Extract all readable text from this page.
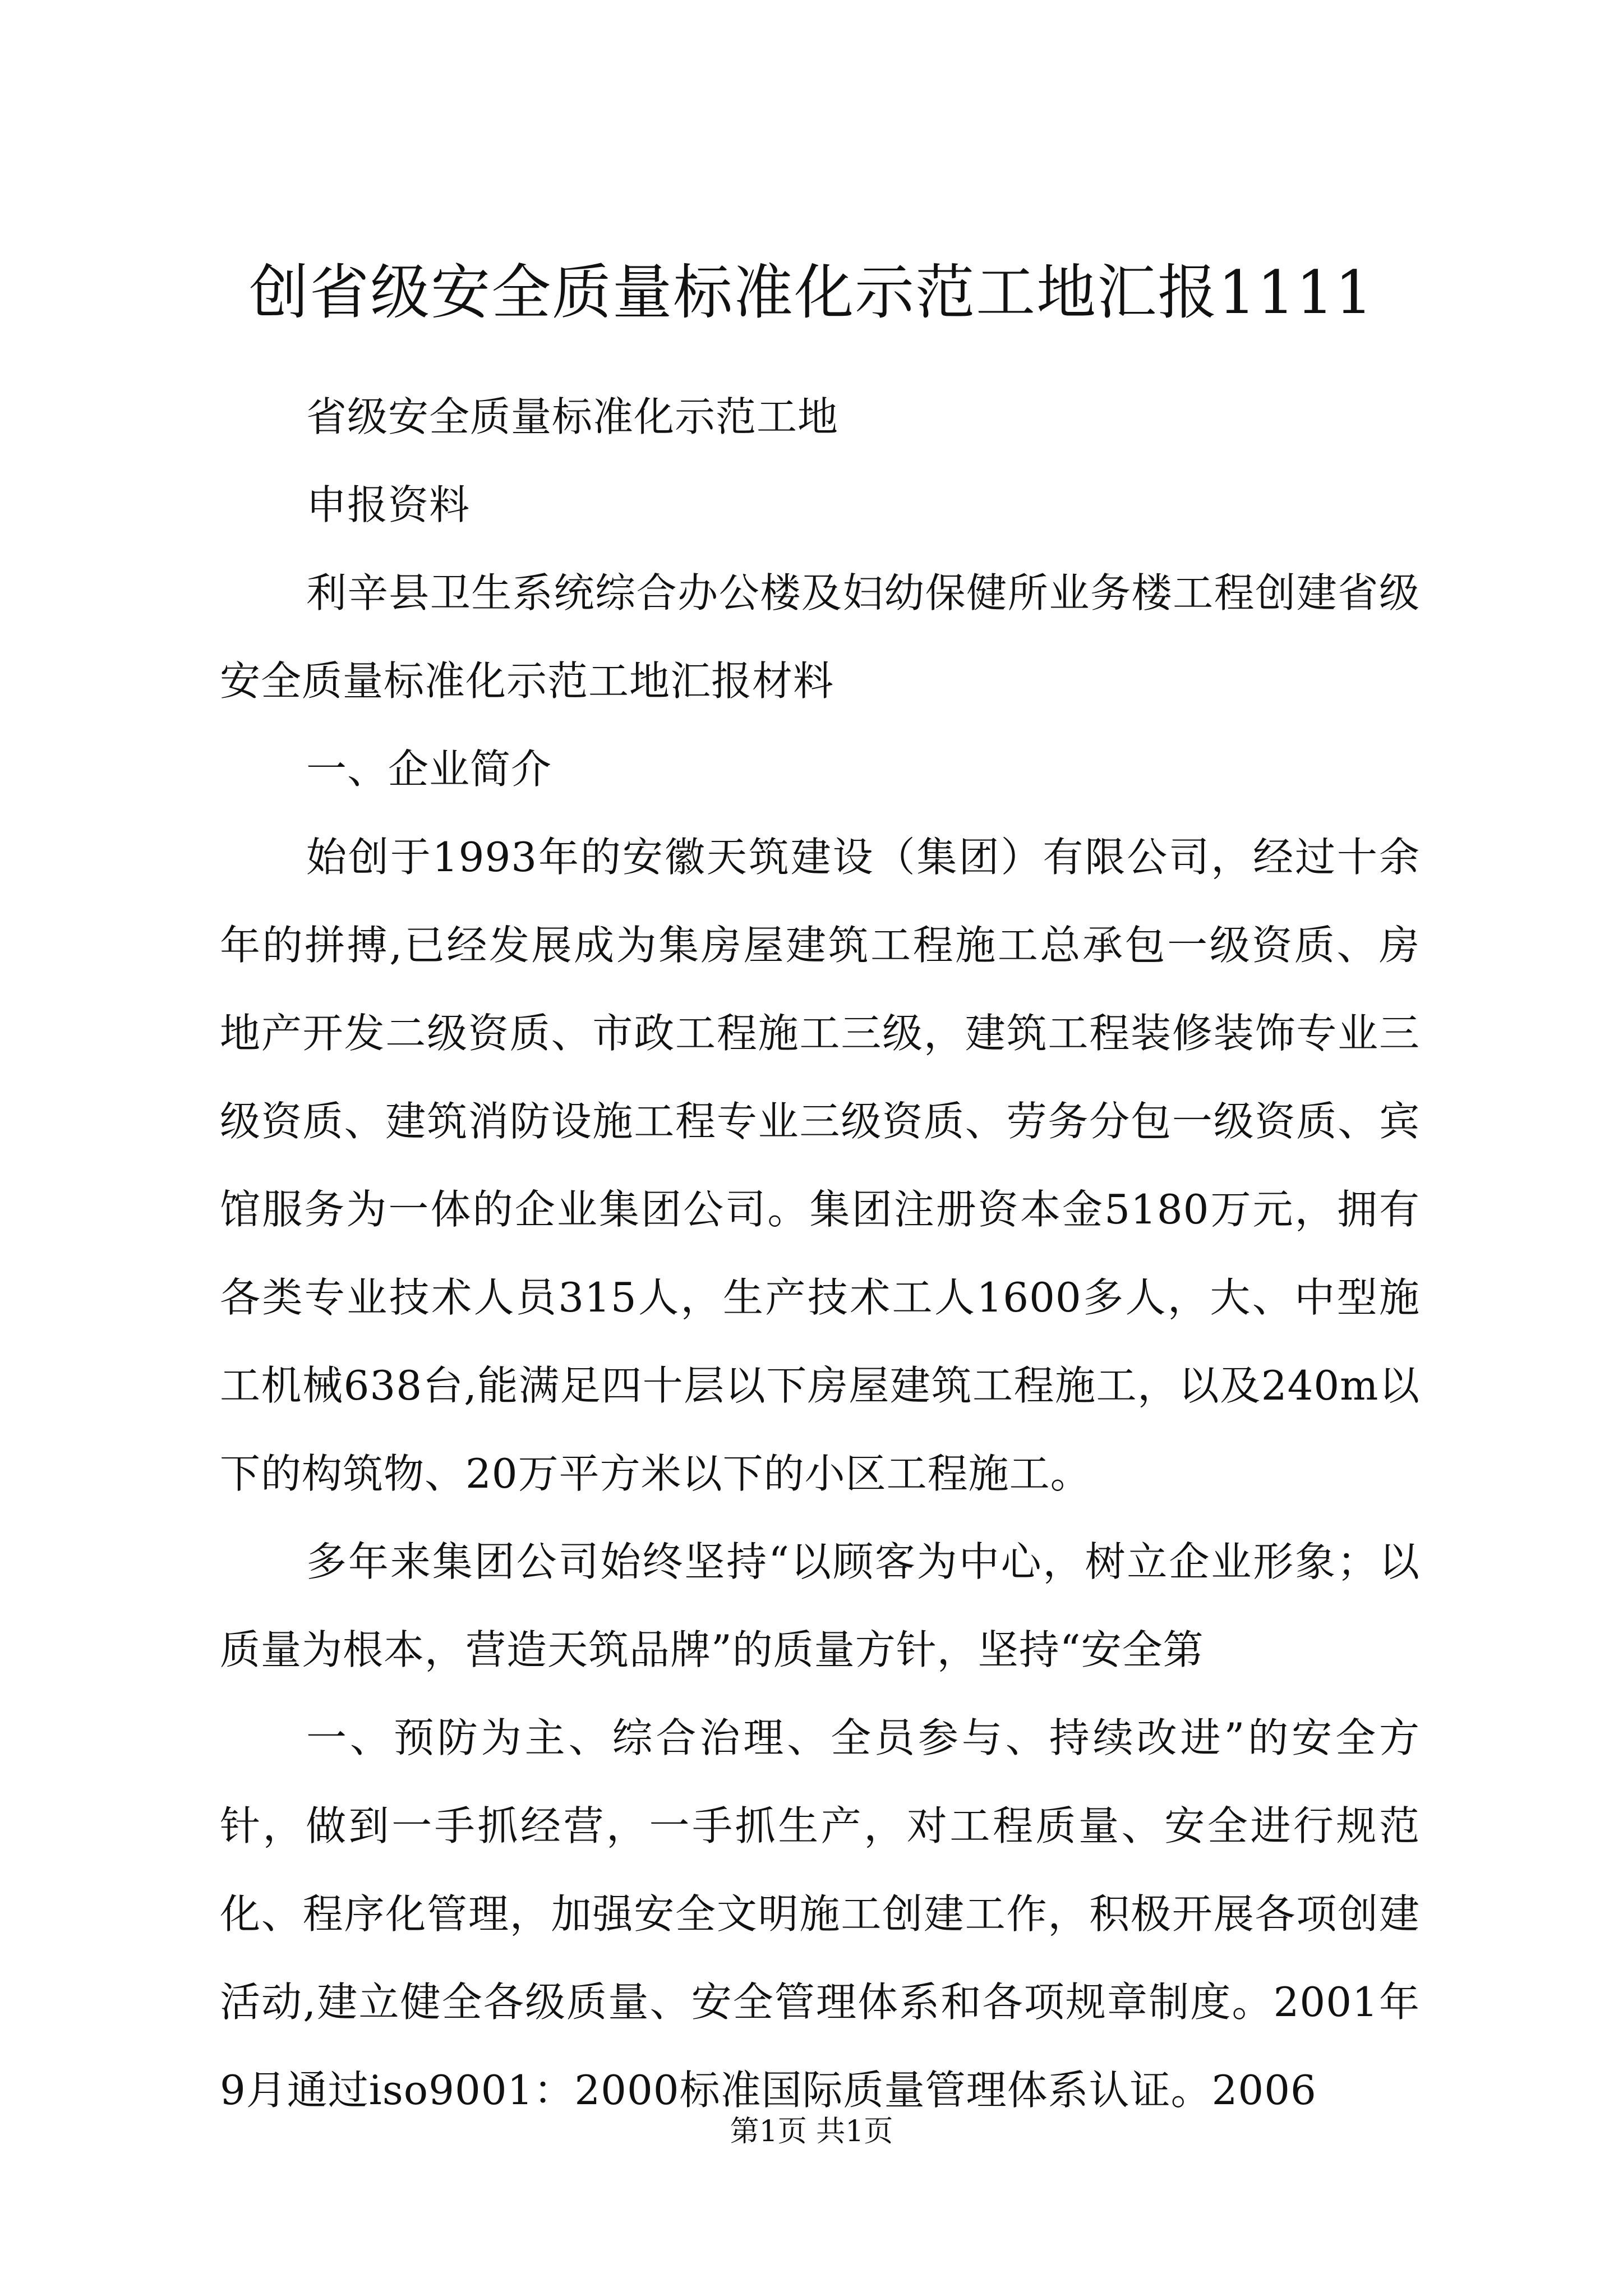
创省级安全质量标准化示范工地汇报1111

省级安全质量标准化示范工地

申报资料

利辛县卫生系统综合办公楼及妇幼保健所业务楼工程创建省级安全质量标准化示范工地汇报材料

一、企业简介

始创于1993年的安徽天筑建设（集团）有限公司，经过十余年的拼搏,已经发展成为集房屋建筑工程施工总承包一级资质、房地产开发二级资质、市政工程施工三级，建筑工程装修装饰专业三级资质、建筑消防设施工程专业三级资质、劳务分包一级资质、宾馆服务为一体的企业集团公司。集团注册资本金5180万元，拥有各类专业技术人员315人，生产技术工人1600多人，大、中型施工机械638台,能满足四十层以下房屋建筑工程施工，以及240m以下的构筑物、20万平方米以下的小区工程施工。

多年来集团公司始终坚持“以顾客为中心，树立企业形象；以质量为根本，营造天筑品牌”的质量方针，坚持“安全第

一、预防为主、综合治理、全员参与、持续改进”的安全方针，做到一手抓经营，一手抓生产，对工程质量、安全进行规范化、程序化管理，加强安全文明施工创建工作，积极开展各项创建活动,建立健全各级质量、安全管理体系和各项规章制度。2001年9月通过iso9001：2000标准国际质量管理体系认证。2006

第1页 共1页
